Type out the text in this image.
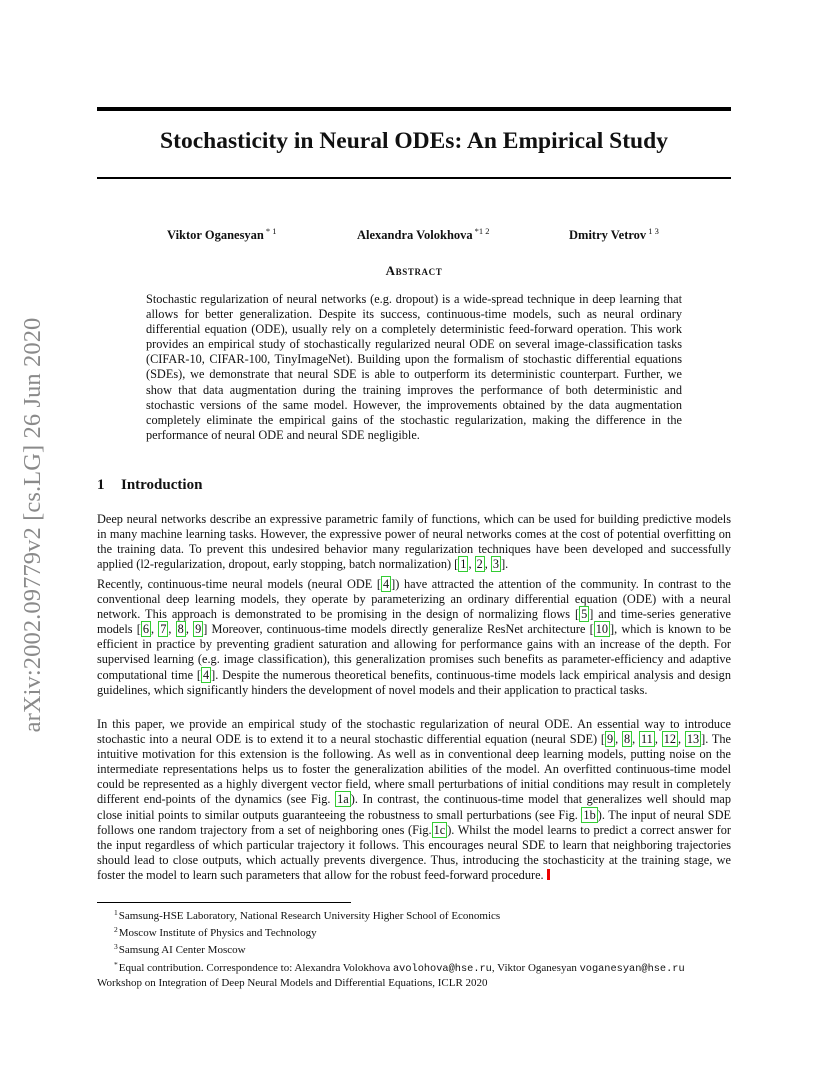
arXiv:2002.09779v2 [cs.LG] 26 Jun 2020
Stochasticity in Neural ODEs: An Empirical Study
Viktor Oganesyan $^{* 1}$	Alexandra Volokhova $^{*1 2}$	Dmitry Vetrov $^{1 3}$
Abstract
Stochastic regularization of neural networks (e.g. dropout) is a wide-spread technique in deep learning that allows for better generalization. Despite its success, continuous-time models, such as neural ordinary differential equation (ODE), usually rely on a completely deterministic feed-forward operation. This work provides an empirical study of stochastically regularized neural ODE on several image-classification tasks (CIFAR-10, CIFAR-100, TinyImageNet). Building upon the formalism of stochastic differential equations (SDEs), we demonstrate that neural SDE is able to outperform its deterministic counterpart. Further, we show that data augmentation during the training improves the performance of both deterministic and stochastic versions of the same model. However, the improvements obtained by the data augmentation completely eliminate the empirical gains of the stochastic regularization, making the difference in the performance of neural ODE and neural SDE negligible.
1 Introduction

Deep neural networks describe an expressive parametric family of functions, which can be used for building predictive models in many machine learning tasks. However, the expressive power of neural networks comes at the cost of potential overfitting on the training data. To prevent this undesired behavior many regularization techniques have been developed and successfully applied (l2-regularization, dropout, early stopping, batch normalization) [ 1 , 2 , 3 ].

Recently, continuous-time neural models (neural ODE [ 4 ]) have attracted the attention of the community. In contrast to the conventional deep learning models, they operate by parameterizing an ordinary differential equation (ODE) with a neural network. This approach is demonstrated to be promising in the design of normalizing flows [ 5 ] and time-series generative models [ 6 , 7 , 8 , 9 ] Moreover, continuous-time models directly generalize ResNet architecture [ 10 ], which is known to be efficient in practice by preventing gradient saturation and allowing for performance gains with an increase of the depth. For supervised learning (e.g. image classification), this generalization promises such benefits as parameter-efficiency and adaptive computational time [ 4 ]. Despite the numerous theoretical benefits, continuous-time models lack empirical analysis and design guidelines, which significantly hinders the development of novel models and their application to practical tasks.

In this paper, we provide an empirical study of the stochastic regularization of neural ODE. An essential way to introduce stochastic into a neural ODE is to extend it to a neural stochastic differential equation (neural SDE) [ 9 , 8 , 11 , 12 , 13 ]. The intuitive motivation for this extension is the following. As well as in conventional deep learning models, putting noise on the intermediate representations helps us to foster the generalization abilities of the model. An overfitted continuous-time model could be represented as a highly divergent vector field, where small perturbations of initial conditions may result in completely different end-points of the dynamics (see Fig. 1a ). In contrast, the continuous-time model that generalizes well should map close initial points to similar outputs guaranteeing the robustness to small perturbations (see Fig. 1b ). The input of neural SDE follows one random trajectory from a set of neighboring ones (Fig. 1c ). Whilst the model learns to predict a correct answer for the input regardless of which particular trajectory it follows. This encourages neural SDE to learn that neighboring trajectories should lead to close outputs, which actually prevents divergence. Thus, introducing the stochasticity at the training stage, we foster the model to learn such parameters that allow for the robust feed-forward procedure.

$^1$Samsung-HSE Laboratory, National Research University Higher School of Economics
$^2$Moscow Institute of Physics and Technology
$^3$Samsung AI Center Moscow
*Equal contribution. Correspondence to: Alexandra Volokhova avolohova@hse.ru, Viktor Oganesyan voganesyan@hse.ru
Workshop on Integration of Deep Neural Models and Differential Equations, ICLR 2020
